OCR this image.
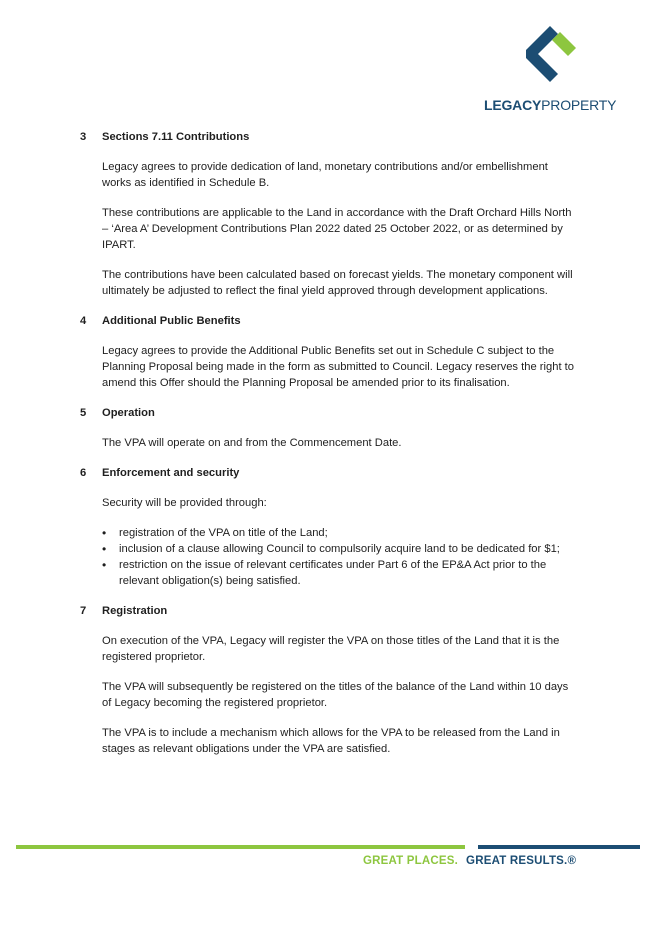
LEGACYPROPERTY
3	Sections 7.11 Contributions
Legacy agrees to provide dedication of land, monetary contributions and/or embellishment works as identified in Schedule B.
These contributions are applicable to the Land in accordance with the Draft Orchard Hills North – ‘Area A’ Development Contributions Plan 2022 dated 25 October 2022, or as determined by IPART.
The contributions have been calculated based on forecast yields. The monetary component will ultimately be adjusted to reflect the final yield approved through development applications.
4	Additional Public Benefits
Legacy agrees to provide the Additional Public Benefits set out in Schedule C subject to the Planning Proposal being made in the form as submitted to Council. Legacy reserves the right to amend this Offer should the Planning Proposal be amended prior to its finalisation.
5	Operation
The VPA will operate on and from the Commencement Date.
6	Enforcement and security
Security will be provided through:
• registration of the VPA on title of the Land;
• inclusion of a clause allowing Council to compulsorily acquire land to be dedicated for $1;
• restriction on the issue of relevant certificates under Part 6 of the EP&A Act prior to the relevant obligation(s) being satisfied.
7	Registration
On execution of the VPA, Legacy will register the VPA on those titles of the Land that it is the registered proprietor.
The VPA will subsequently be registered on the titles of the balance of the Land within 10 days of Legacy becoming the registered proprietor.
The VPA is to include a mechanism which allows for the VPA to be released from the Land in stages as relevant obligations under the VPA are satisfied.
GREAT PLACES. GREAT RESULTS.®
